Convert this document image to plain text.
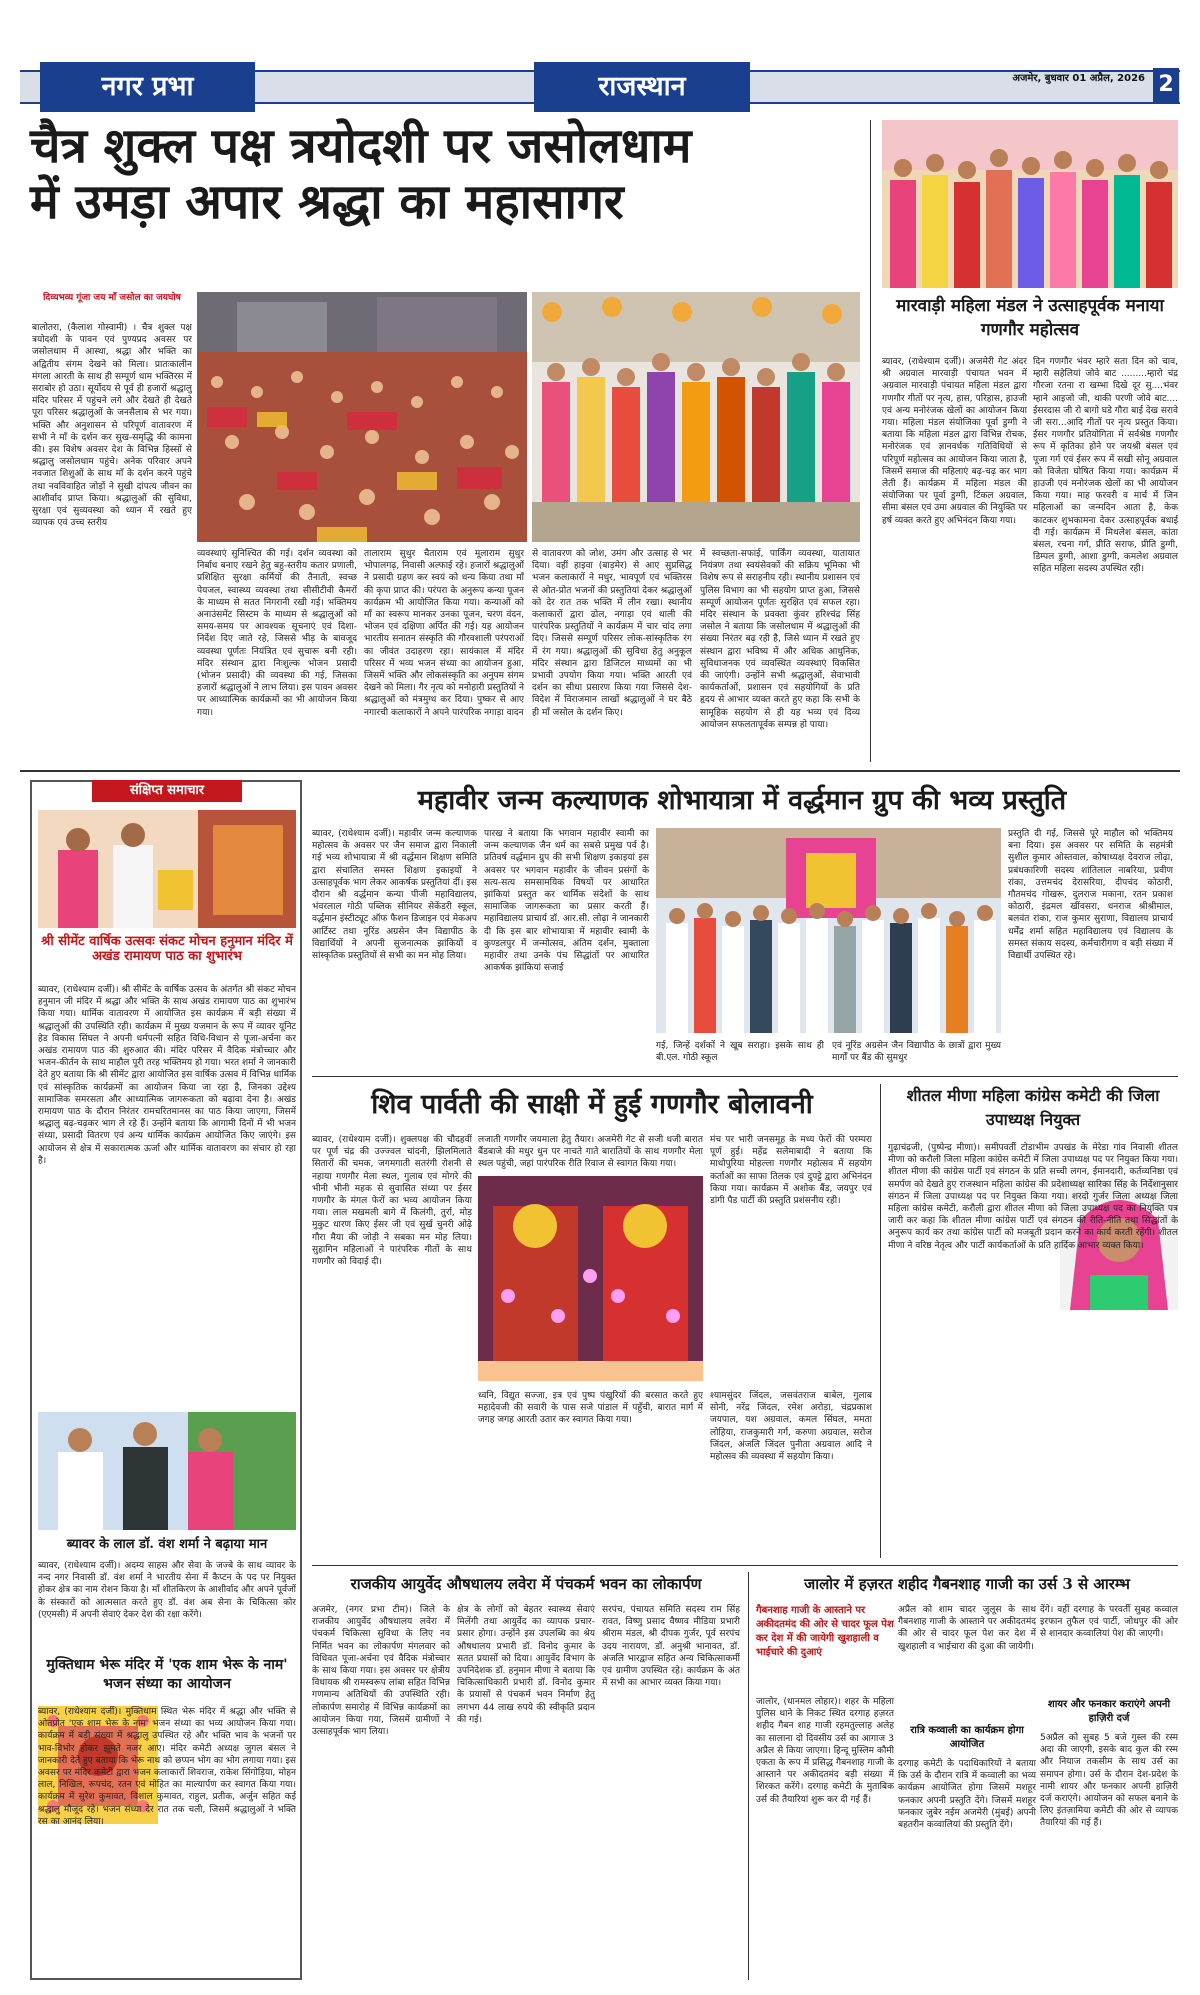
नगर प्रभा	राजस्थान	अजमेर, बुधवार 01 अप्रैल, 2026 2
चैत्र शुक्ल पक्ष त्रयोदशी पर जसोलधाम
में उमड़ा अपार श्रद्धा का महासागर
दिव्यभव्य गूंजा जय माँ जसोल का जयघोष
बालोतरा, (कैलाश गोस्वामी) । चैत्र शुक्ल पक्ष त्रयोदशी के पावन एवं पुण्यप्रद अवसर पर जसोलधाम में आस्था, श्रद्धा और भक्ति का अद्वितीय संगम देखने को मिला। प्रातःकालीन मंगला आरती के साथ ही सम्पूर्ण धाम भक्तिरस में सराबोर हो उठा। सूर्योदय से पूर्व ही हजारों श्रद्धालु मंदिर परिसर में पहुंचने लगे और देखते ही देखते पूरा परिसर श्रद्धालुओं के जनसैलाब से भर गया। भक्ति और अनुशासन से परिपूर्ण वातावरण में सभी ने माँ के दर्शन कर सुख-समृद्धि की कामना की। इस विशेष अवसर देश के विभिन्न हिस्सों से श्रद्धालु जसोलधाम पहुंचे। अनेक परिवार अपने नवजात शिशुओं के साथ माँ के दर्शन करने पहुंचे तथा नवविवाहित जोड़ों ने सुखी दांपत्य जीवन का आशीर्वाद प्राप्त किया। श्रद्धालुओं की सुविधा, सुरक्षा एवं सुव्यवस्था को ध्यान में रखते हुए व्यापक एवं उच्च स्तरीय
व्यवस्थाएं सुनिश्चित की गई। दर्शन व्यवस्था को निर्बाध बनाए रखने हेतु बहु-स्तरीय कतार प्रणाली, प्रशिक्षित सुरक्षा कर्मियों की तैनाती, स्वच्छ पेयजल, स्वास्थ्य व्यवस्था तथा सीसीटीवी कैमरों के माध्यम से सतत निगरानी रखी गई। भक्तिमय अनाउंसमेंट सिस्टम के माध्यम से श्रद्धालुओं को समय-समय पर आवश्यक सूचनाएं एवं दिशा-निर्देश दिए जाते रहे, जिससे भीड़ के बावजूद व्यवस्था पूर्णतः नियंत्रित एवं सुचारू बनी रही। मंदिर संस्थान द्वारा निःशुल्क भोजन प्रसादी (भोजन प्रसादी) की व्यवस्था की गई, जिसका हजारों श्रद्धालुओं ने लाभ लिया। इस पावन अवसर पर आध्यात्मिक कार्यक्रमों का भी आयोजन किया गया।
तालाराम सुथुर चैताराम एवं मूलाराम सुथुर भोपालगढ़, निवासी अल्फाई रहे। हजारों श्रद्धालुओं ने प्रसादी ग्रहण कर स्वयं को धन्य किया तथा माँ की कृपा प्राप्त की। परंपरा के अनुरूप कन्या पूजन कार्यक्रम भी आयोजित किया गया। कन्याओं को माँ का स्वरूप मानकर उनका पूजन, चरण वंदन, भोजन एवं दक्षिणा अर्पित की गई। यह आयोजन भारतीय सनातन संस्कृति की गौरवशाली परंपराओं का जीवंत उदाहरण रहा। सायंकाल में मंदिर परिसर में भव्य भजन संध्या का आयोजन हुआ, जिसमें भक्ति और लोकसंस्कृति का अनुपम संगम देखने को मिला। गैर नृत्य को मनोहारी प्रस्तुतियों ने श्रद्धालुओं को मंत्रमुग्ध कर दिया। पुष्कर से आए नगारची कलाकारों ने अपने पारंपरिक नगाड़ा वादन
से वातावरण को जोश, उमंग और उत्साह से भर दिया। वहीं हाइवा (बाड़मेर) से आए सुप्रसिद्ध भजन कलाकारों ने मधुर, भावपूर्ण एवं भक्तिरस से ओत-प्रोत भजनों की प्रस्तुतियां देकर श्रद्धालुओं को देर रात तक भक्ति में लीन रखा। स्थानीय कलाकारों द्वारा ढोल, नगाड़ा एवं थाली की पारंपरिक प्रस्तुतियों ने कार्यक्रम में चार चांद लगा दिए। जिससे सम्पूर्ण परिसर लोक-सांस्कृतिक रंग में रंग गया। श्रद्धालुओं की सुविधा हेतु अनुकूल मंदिर संस्थान द्वारा डिजिटल माध्यमों का भी प्रभावी उपयोग किया गया। भक्ति आरती एवं दर्शन का सीधा प्रसारण किया गया जिससे देश-विदेश में विराजमान लाखों श्रद्धालुओं ने घर बैठे ही माँ जसोल के दर्शन किए।
में स्वच्छता-सफाई, पार्किंग व्यवस्था, यातायात नियंत्रण तथा स्वयंसेवकों की सक्रिय भूमिका भी विशेष रूप से सराहनीय रही। स्थानीय प्रशासन एवं पुलिस विभाग का भी सहयोग प्राप्त हुआ, जिससे सम्पूर्ण आयोजन पूर्णतः सुरक्षित एवं सफल रहा। मंदिर संस्थान के प्रवक्ता कुंवर हरिश्चंद्र सिंह जसोल ने बताया कि जसोलधाम में श्रद्धालुओं की संख्या निरंतर बढ़ रही है, जिसे ध्यान में रखते हुए संस्थान द्वारा भविष्य में और अधिक आधुनिक, सुविधाजनक एवं व्यवस्थित व्यवस्थाएं विकसित की जाएंगी। उन्होंने सभी श्रद्धालुओं, सेवाभावी कार्यकर्ताओं, प्रशासन एवं सहयोगियों के प्रति हृदय से आभार व्यक्त करते हुए कहा कि सभी के सामूहिक सहयोग से ही यह भव्य एवं दिव्य आयोजन सफलतापूर्वक सम्पन्न हो पाया।
मारवाड़ी महिला मंडल ने उत्साहपूर्वक मनाया गणगौर महोत्सव
ब्यावर, (राधेश्याम दर्जी)। अजमेरी गेट अंदर श्री अग्रवाल मारवाड़ी पंचायत भवन में अग्रवाल मारवाड़ी पंचायत महिला मंडल द्वारा गणगौर गीतों पर नृत्य, हास, परिहास, हाउजी एवं अन्य मनोरंजक खेलों का आयोजन किया गया। महिला मंडल संयोजिका पूर्वा डुग्गी ने बताया कि महिला मंडल द्वारा विभिन्न रोचक, मनोरंजक एवं ज्ञानवर्धक गतिविधियों से परिपूर्ण महोत्सव का आयोजन किया जाता है, जिसमें समाज की महिलाएं बढ़-चढ़ कर भाग लेती हैं। कार्यक्रम में महिला मंडल की संयोजिका पर पूर्वा डुग्गी, टिंकल अग्रवाल, सीमा बंसल एवं उमा अग्रवाल की नियुक्ति पर हर्ष व्यक्त करते हुए अभिनंदन किया गया।
दिन गणगौर भंवर म्हारे सता दिन को चाव, म्हारी सहेलियां जोवे बाट .........म्हारो चंद्र गौरजा रतना रा खम्भा दिखे दूर सु....भंवर म्हाने आइजो जी, थाकी परणी जोवे बाट.... ईसरदास जी रो बागो घडे गौरा बाई देख सरावे जी सरा...आदि गीतों पर नृत्य प्रस्तुत किया। ईसर गणगौर प्रतियोगिता में सर्वश्रेष्ठ गणगौर रूप में कृतिका होने पर जयश्री बंसल एवं पूजा गर्ग एवं ईसर रूप में सखी सोनू अग्रवाल को विजेता घोषित किया गया। कार्यक्रम में हाउजी एवं मनोरंजक खेलों का भी आयोजन किया गया। माह फरवरी व मार्च में जिन महिलाओं का जन्मदिन आता है, केक काटकर शुभकामना देकर उत्साहपूर्वक बधाई दी गई। कार्यक्रम में मिथलेश बंसल, कांता बंसल, रचना गर्ग, प्रीति सराफ, प्रीति डुग्गी, डिम्पल डुग्गी, आशा डुग्गी, कमलेश अग्रवाल सहित महिला सदस्य उपस्थित रही।
संक्षिप्त समाचार
श्री सीमेंट वार्षिक उत्सवः संकट मोचन हनुमान मंदिर में अखंड रामायण पाठ का शुभारंभ
ब्यावर, (राधेश्याम दर्जी)। श्री सीमेंट के वार्षिक उत्सव के अंतर्गत श्री संकट मोचन हनुमान जी मंदिर में श्रद्धा और भक्ति के साथ अखंड रामायण पाठ का शुभारंभ किया गया। धार्मिक वातावरण में आयोजित इस कार्यक्रम में बड़ी संख्या में श्रद्धालुओं की उपस्थिति रही। कार्यक्रम में मुख्य यजमान के रूप में व्यावर यूनिट हेड विकास सिंघल ने अपनी धर्मपत्नी सहित विधि-विधान से पूजा-अर्चना कर अखंड रामायण पाठ की शुरुआत की। मंदिर परिसर में वैदिक मंत्रोच्चार और भजन-कीर्तन के साथ माहौल पूरी तरह भक्तिमय हो गया। भरत शर्मा ने जानकारी देते हुए बताया कि श्री सीमेंट द्वारा आयोजित इस वार्षिक उत्सव में विभिन्न धार्मिक एवं सांस्कृतिक कार्यक्रमों का आयोजन किया जा रहा है, जिनका उद्देश्य सामाजिक समरसता और आध्यात्मिक जागरूकता को बढ़ावा देना है। अखंड रामायण पाठ के दौरान निरंतर रामचरितमानस का पाठ किया जाएगा, जिसमें श्रद्धालु बढ़-चढ़कर भाग ले रहे हैं। उन्होंने बताया कि आगामी दिनों में भी भजन संध्या, प्रसादी वितरण एवं अन्य धार्मिक कार्यक्रम आयोजित किए जाएंगे। इस आयोजन से क्षेत्र में सकारात्मक ऊर्जा और धार्मिक वातावरण का संचार हो रहा है।
ब्यावर के लाल डॉ. वंश शर्मा ने बढ़ाया मान
ब्यावर, (राधेश्याम दर्जी)। अदम्य साहस और सेवा के जज्बे के साथ व्यावर के नन्द नगर निवासी डॉ. वंश शर्मा ने भारतीय सेना में कैप्टन के पद पर नियुक्त होकर क्षेत्र का नाम रोशन किया है। माँ शीतकिरण के आशीर्वाद और अपने पूर्वजों के संस्कारों को आत्मसात करते हुए डॉ. वंश अब सेना के चिकित्सा कोर (एएमसी) में अपनी सेवाएं देकर देश की रक्षा करेंगे।
मुक्तिधाम भेरू मंदिर में 'एक शाम भेरू के नाम' भजन संध्या का आयोजन
ब्यावर, (राधेश्याम दर्जी)। मुक्तिधाम स्थित भेरू मंदिर में श्रद्धा और भक्ति से ओतप्रोत 'एक शाम भेरू के नाम' भजन संध्या का भव्य आयोजन किया गया। कार्यक्रम में बड़ी संख्या में श्रद्धालु उपस्थित रहे और भक्ति भाव के भजनों पर भाव-विभोर होकर झूमते नजर आए। मंदिर कमेटी अध्यक्ष जुगल बंसल ने जानकारी देते हुए बताया कि भेरू नाथ को छप्पन भोग का भोग लगाया गया। इस अवसर पर मंदिर कमेटी द्वारा भजन कलाकारों शिवराज, राकेश सिंगोड़िया, मोहन लाल, निखिल, रूपचंद, रतन एवं मोहित का माल्यार्पण कर स्वागत किया गया। कार्यक्रम में सुरेश कुमावत, विशाल कुमावत, राहुल, प्रतीक, अर्जुन सहित कई श्रद्धालु मौजूद रहे। भजन संध्या देर रात तक चली, जिसमें श्रद्धालुओं ने भक्ति रस का आनंद लिया।
महावीर जन्म कल्याणक शोभायात्रा में वर्द्धमान ग्रुप की भव्य प्रस्तुति
ब्यावर, (राधेश्याम दर्जी)। महावीर जन्म कल्याणक महोत्सव के अवसर पर जैन समाज द्वारा निकाली गई भव्य शोभायात्रा में श्री वर्द्धमान शिक्षण समिति द्वारा संचालित समस्त शिक्षण इकाइयों ने उत्साहपूर्वक भाग लेकर आकर्षक प्रस्तुतियां दीं। इस दौरान श्री वर्द्धमान कन्या पीजी महाविद्यालय, भंवरलाल गोठी पब्लिक सीनियर सेकेंडरी स्कूल, वर्द्धमान इंस्टीट्यूट ऑफ फैशन डिजाइन एवं मेकअप आर्टिस्ट तथा नूरिंड अग्रसेन जैन विद्यापीठ के विद्यार्थियों ने अपनी सुजनात्मक झांकियों व सांस्कृतिक प्रस्तुतियों से सभी का मन मोह लिया।
पारख ने बताया कि भगवान महावीर स्वामी का जन्म कल्याणक जैन धर्म का सबसे प्रमुख पर्व है। प्रतिवर्ष वर्द्धमान ग्रुप की सभी शिक्षण इकाइयां इस अवसर पर भगवान महावीर के जीवन प्रसंगों के सत्य-सत्य समसामयिक विषयों पर आधारित झांकियां प्रस्तुत कर धार्मिक संदेशों के साथ सामाजिक जागरूकता का प्रसार करती हैं। महाविद्यालय प्राचार्य डॉ. आर.सी. लोढ़ा ने जानकारी दी कि इस बार शोभायात्रा में महावीर स्वामी के कुण्डलपुर में जन्मोत्सव, अंतिम दर्शन, मुक्ताला महावीर तथा उनके पंच सिद्धांतों पर आधारित आकर्षक झांकियां सजाई
गई, जिन्हें दर्शकों ने खूब सराहा। इसके साथ ही बी.एल. गोठी स्कूल
एवं नूरिंड अग्रसेन जैन विद्यापीठ के छात्रों द्वारा मुख्य मार्गों पर बैंड की सुमधुर
प्रस्तुति दी गई, जिससे पूरे माहौल को भक्तिमय बना दिया। इस अवसर पर समिति के सहमंत्री सुशील कुमार ओस्तवाल, कोषाध्यक्ष देवराज लोढ़ा, प्रबंधकारिणी सदस्य शांतिलाल नाबरिया, प्रवीण रांका, उत्तमचंद देरासरिया, दीपचंद कोठारी, गौतमचंद गोखरू, दुलराज मकाना, रतन प्रकाश कोठारी, इंद्रमल खींवसरा, धनराज श्रीश्रीमाल, बलवंत रांका, राज कुमार सुराणा, विद्यालय प्राचार्य धर्मेंद्र शर्मा सहित महाविद्यालय एवं विद्यालय के समस्त संकाय सदस्य, कर्मचारीगण व बड़ी संख्या में विद्यार्थी उपस्थित रहे।
शिव पार्वती की साक्षी में हुई गणगौर बोलावनी
ब्यावर, (राधेश्याम दर्जी)। शुक्लपक्ष की चौदहवीं पर पूर्ण चंद्र की उज्ज्वल चांदनी, झिलमिलाते सितारों की चमक, जगमगाती सतरंगी रोशनी से नहाया गणगौर मेला स्थल, गुलाब एवं मोगरे की भीनी भीनी महक से सुवासित संध्या पर ईसर गणगौर के मंगल फेरों का भव्य आयोजन किया गया। लाल मखमली बागे में किलंगी, तुर्रा, मोड़ मुकुट धारण किए ईसर जी एवं सुर्ख चुनरी ओढ़े गौरा मैया की जोड़ी ने सबका मन मोह लिया। सुहागिन महिलाओं ने पारंपरिक गीतों के साथ गणगौर को विदाई दी।
लजाती गणगौर जयमाला हेतु तैयार। अजमेरी गेट से सजी धजी बारात बैंडबाजे की मधुर धुन पर नाचते गाते बारातियों के साथ गणगौर मेला स्थल पहुंची, जहां पारंपरिक रीति रिवाज से स्वागत किया गया।
मंच पर भारी जनसमूह के मध्य फेरों की परम्परा पूर्ण हुई। महेंद्र सलेमाबादी ने बताया कि माधोपुरिया मोहल्ला गणगौर महोत्सव में सहयोग कर्ताओं का साफा तिलक एवं दुपट्टे द्वारा अभिनंदन किया गया। कार्यक्रम में अशोक बैंड, जयपुर एवं डांगी पैड पार्टी की प्रस्तुति प्रशंसनीय रही।
ध्वनि, विद्युत सज्जा, इत्र एवं पुष्प पंखुरियों की बरसात करते हुए महादेवजी की सवारी के पास सजे पांडाल में पहुँची, बारात मार्ग में जगह जगह आरती उतार कर स्वागत किया गया।
श्यामसुंदर जिंदल, जसवंतराज बाबेल, गुलाब सोनी, नरेंद्र जिंदल, रमेश अरोड़ा, चंद्रप्रकाश जयपाल, यश अग्रवाल, कमल सिंघल, ममता लोहिया, राजकुमारी गर्ग, करुणा अग्रवाल, सरोज जिंदल, अंजलि जिंदल पुनीता अग्रवाल आदि ने महोत्सव की व्यवस्था में सहयोग किया।
शीतल मीणा महिला कांग्रेस कमेटी की जिला उपाध्यक्ष नियुक्त
गुढ़ाचंद्रजी, (पुष्पेन्द्र मीणा)। समीपवर्ती टोडाभीम उपखंड के मेरेडा गांव निवासी शीतल मीणा को करौली जिला महिला कांग्रेस कमेटी में जिला उपाध्यक्ष पद पर नियुक्त किया गया। शीतल मीणा की कांग्रेस पार्टी एवं संगठन के प्रति सच्ची लगन, ईमानदारी, कर्तव्यनिष्ठा एवं समर्पण को देखते हुए राजस्थान महिला कांग्रेस की प्रदेशाध्यक्ष सारिका सिंह के निर्देशानुसार संगठन में जिला उपाध्यक्ष पद पर नियुक्त किया गया। शरदो गुर्जर जिला अध्यक्ष जिला महिला कांग्रेस कमेटी, करौली द्वारा शीतल मीणा को जिला उपाध्यक्ष पद का नियुक्ति पत्र जारी कर कहा कि शीतल मीणा कांग्रेस पार्टी एवं संगठन की रीति-नीति तथा सिद्धांतों के अनुरूप कार्य कर तथा कांग्रेस पार्टी को मजबूती प्रदान करने का कार्य करती रहेंगी। शीतल मीणा ने वरिष्ठ नेतृत्व और पार्टी कार्यकर्ताओं के प्रति हार्दिक आभार व्यक्त किया।
राजकीय आयुर्वेद औषधालय लवेरा में पंचकर्म भवन का लोकार्पण
अजमेर, (नगर प्रभा टीम)। जिले के राजकीय आयुर्वेद औषधालय लवेरा में पंचकर्म चिकित्सा सुविधा के लिए नव निर्मित भवन का लोकार्पण मंगलवार को विधिवत पूजा-अर्चना एवं वैदिक मंत्रोच्चार के साथ किया गया। इस अवसर पर क्षेत्रीय विधायक श्री रामस्वरूप लांबा सहित विभिन्न गणमान्य अतिथियों की उपस्थिति रही। लोकार्पण समारोह में विभिन्न कार्यक्रमों का आयोजन किया गया, जिसमें ग्रामीणों ने उत्साहपूर्वक भाग लिया।
क्षेत्र के लोगों को बेहतर स्वास्थ्य सेवाएं मिलेंगी तथा आयुर्वेद का व्यापक प्रचार-प्रसार होगा। उन्होंने इस उपलब्धि का श्रेय औषधालय प्रभारी डॉ. विनोद कुमार के सतत प्रयासों को दिया। आयुर्वेद विभाग के उपनिदेशक डॉ. हनुमान मीणा ने बताया कि चिकित्साधिकारी प्रभारी डॉ. विनोद कुमार के प्रयासों से पंचकर्म भवन निर्माण हेतु लगभग 44 लाख रुपये की स्वीकृति प्रदान की गई।
सरपंच, पंचायत समिति सदस्य राम सिंह रावत, विष्णु प्रसाद वैष्णव मीडिया प्रभारी श्रीराम मंडल, श्री दीपक गुर्जर, पूर्व सरपंच उदय नारायण, डॉ. अनुश्री भानावत, डॉ. अंजलि भारद्वाज सहित अन्य चिकित्साकर्मी एवं ग्रामीण उपस्थित रहे। कार्यक्रम के अंत में सभी का आभार व्यक्त किया गया।
जालोर में हज़रत शहीद गैबनशाह गाजी का उर्स 3 से आरम्भ
गैबनशाह गाजी के आस्ताने पर अकीदतमंद की ओर से चादर फूल पेश कर देश में की जायेगी खुशहाली व भाईचारे की दुआएं
जालोर, (धानमल लोहार)। शहर के महिला पुलिस थाने के निकट स्थित दरगाह हज़रत शहीद गैबन शाह गाजी रहमतुल्लाह अलेह का सालाना दो दिवसीय उर्स का आगाज 3 अप्रैल से किया जाएगा। हिन्दू मुस्लिम कौमी एकता के रूप में प्रसिद्ध गैबनशाह गाजी के आस्ताने पर अकीदतमंद बड़ी संख्या में शिरकत करेंगे। दरगाह कमेटी के मुताबिक उर्स की तैयारियां शुरू कर दी गई हैं।
अप्रैल को शाम चादर जुलूस के साथ गैबनशाह गाजी के आस्ताने पर अकीदतमंद की ओर से चादर फूल पेश कर देश में खुशहाली व भाईचारा की दुआ की जायेगी।
रात्रि कव्वाली का कार्यक्रम होगा आयोजित
दरगाह कमेटी के पदाधिकारियों ने बताया कि उर्स के दौरान रात्रि में कव्वाली का भव्य कार्यक्रम आयोजित होगा जिसमें मशहूर फनकार अपनी प्रस्तुति देंगे। जिसमें मशहूर फनकार जुबेर नईम अजमेरी (मुंबई) अपनी बहतरीन कव्वालियां की प्रस्तुति देंगे।
देंगे। वहीं दरगाह के परवर्ती सुबह कव्वाल इरफान तुफैल एवं पार्टी, जोधपुर की ओर से शानदार कव्वालियां पेश की जाएगी।
शायर और फनकार कराएंगे अपनी हाज़िरी दर्ज
5अप्रैल को सुबह 5 बजे गुस्ल की रस्म अदा की जाएगी, इसके बाद कुल की रस्म और नियाज तकसीम के साथ उर्स का समापन होगा। उर्स के दौरान देश-प्रदेश के नामी शायर और फनकार अपनी हाज़िरी दर्ज कराएंगे। आयोजन को सफल बनाने के लिए इंतज़ामिया कमेटी की ओर से व्यापक तैयारियां की गई हैं।
